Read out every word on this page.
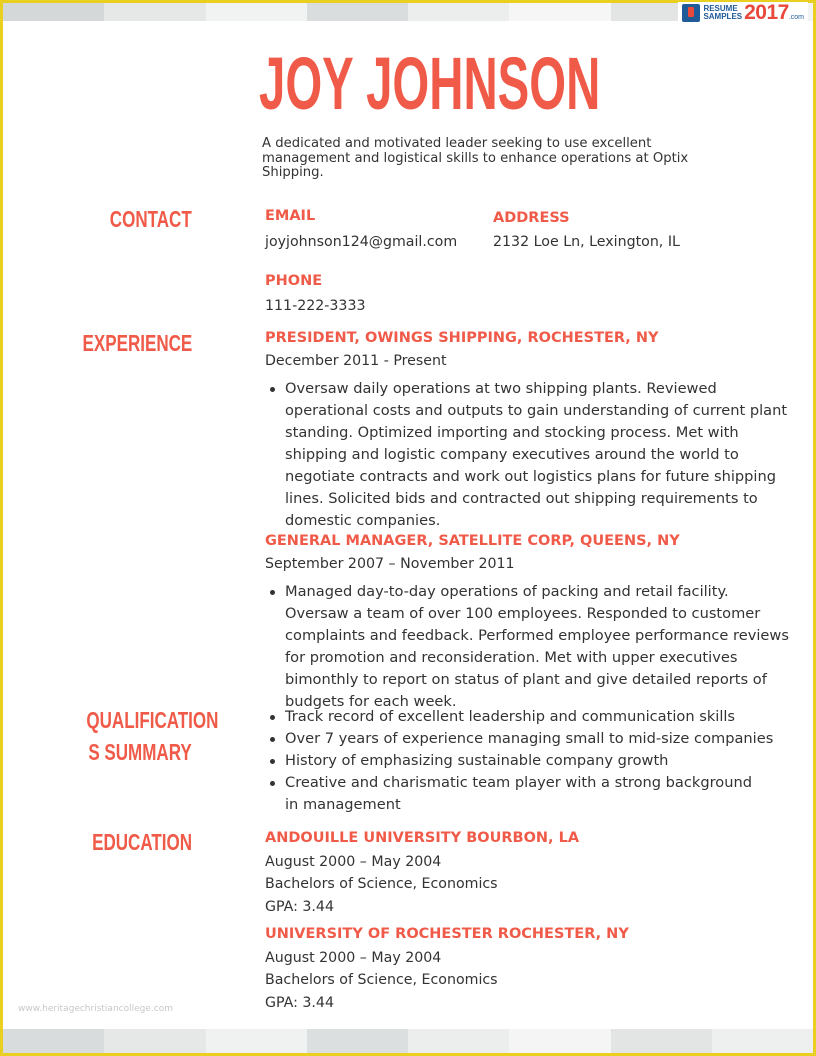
RESUME
SAMPLES 2017 .com
JOY JOHNSON
A dedicated and motivated leader seeking to use excellent management and logistical skills to enhance operations at Optix Shipping.
CONTACT	EMAIL
joyjohnson124@gmail.com
ADDRESS
2132 Loe Ln, Lexington, IL
PHONE
111-222-3333
EXPERIENCE	PRESIDENT, OWINGS SHIPPING, ROCHESTER, NY
December 2011 - Present
Oversaw daily operations at two shipping plants. Reviewed operational costs and outputs to gain understanding of current plant standing. Optimized importing and stocking process. Met with shipping and logistic company executives around the world to negotiate contracts and work out logistics plans for future shipping lines. Solicited bids and contracted out shipping requirements to domestic companies.
GENERAL MANAGER, SATELLITE CORP, QUEENS, NY
September 2007 – November 2011
Managed day-to-day operations of packing and retail facility. Oversaw a team of over 100 employees. Responded to customer complaints and feedback. Performed employee performance reviews for promotion and reconsideration. Met with upper executives bimonthly to report on status of plant and give detailed reports of budgets for each week.
QUALIFICATION
S SUMMARY
Track record of excellent leadership and communication skills
Over 7 years of experience managing small to mid-size companies
History of emphasizing sustainable company growth
Creative and charismatic team player with a strong background in management
EDUCATION	ANDOUILLE UNIVERSITY BOURBON, LA
August 2000 – May 2004
Bachelors of Science, Economics
GPA: 3.44
UNIVERSITY OF ROCHESTER ROCHESTER, NY
August 2000 – May 2004
Bachelors of Science, Economics
GPA: 3.44
www.heritagechristiancollege.com
